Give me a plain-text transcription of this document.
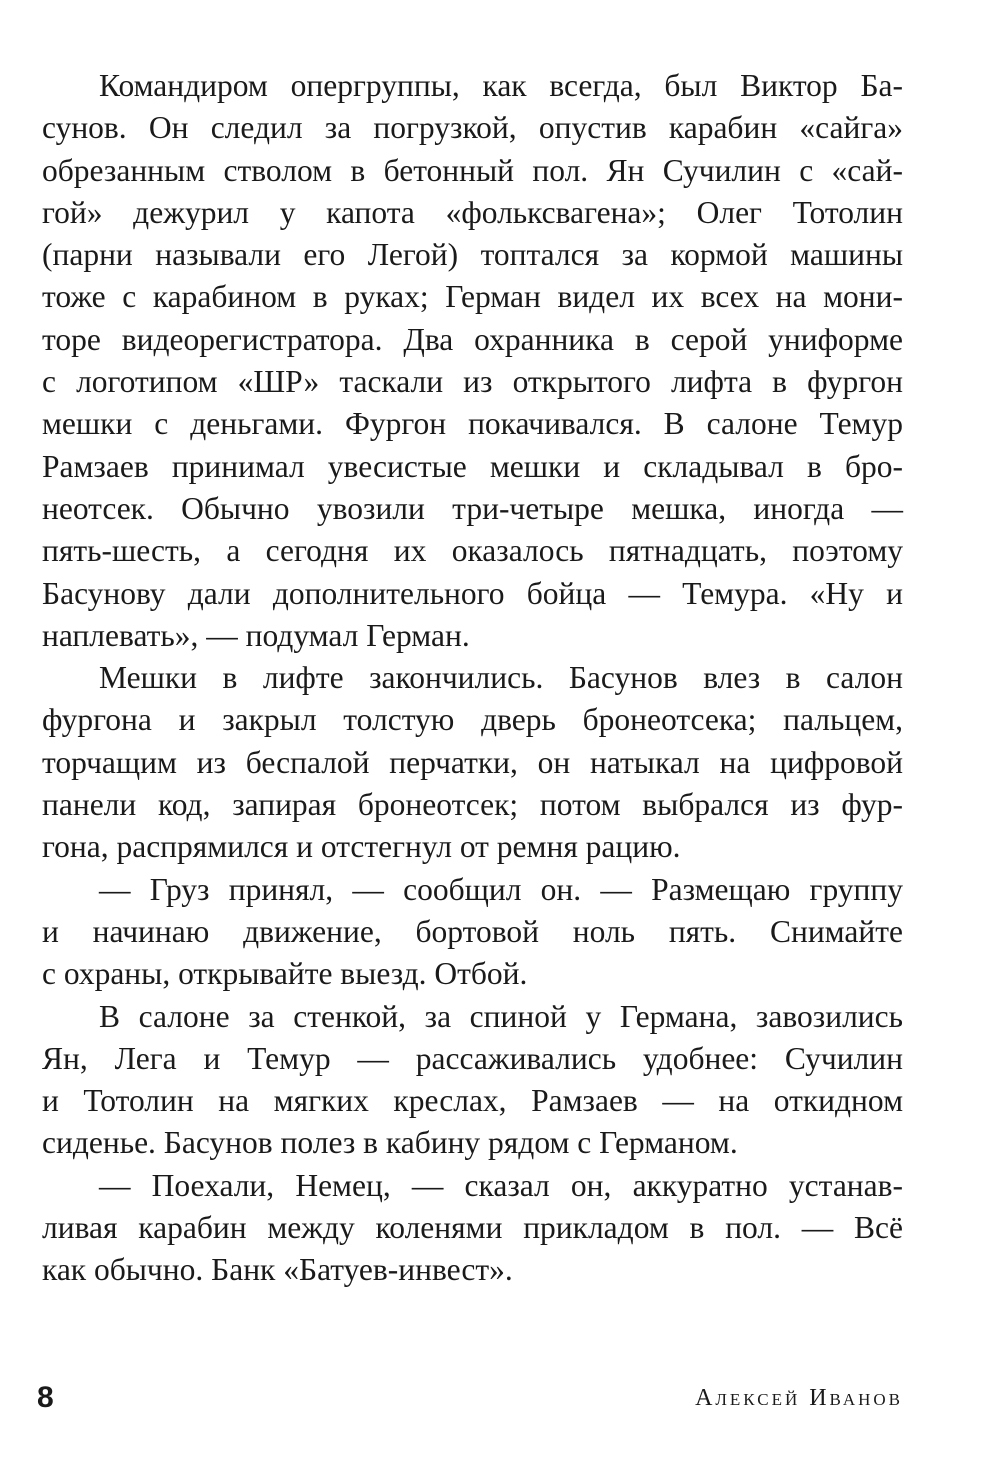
Командиром опергруппы, как всегда, был Виктор Ба-
сунов. Он следил за погрузкой, опустив карабин «сайга»
обрезанным стволом в бетонный пол. Ян Сучилин с «сай-
гой» дежурил у капота «фольксвагена»; Олег Тотолин
(парни называли его Легой) топтался за кормой машины
тоже с карабином в руках; Герман видел их всех на мони-
торе видеорегистратора. Два охранника в серой униформе
с логотипом «ШР» таскали из открытого лифта в фургон
мешки с деньгами. Фургон покачивался. В салоне Темур
Рамзаев принимал увесистые мешки и складывал в бро-
неотсек. Обычно увозили три-четыре мешка, иногда —
пять-шесть, а сегодня их оказалось пятнадцать, поэтому
Басунову дали дополнительного бойца — Темура. «Ну и
наплевать», — подумал Герман.
Мешки в лифте закончились. Басунов влез в салон
фургона и закрыл толстую дверь бронеотсека; пальцем,
торчащим из беспалой перчатки, он натыкал на цифровой
панели код, запирая бронеотсек; потом выбрался из фур-
гона, распрямился и отстегнул от ремня рацию.
— Груз принял, — сообщил он. — Размещаю группу
и начинаю движение, бортовой ноль пять. Снимайте
с охраны, открывайте выезд. Отбой.
В салоне за стенкой, за спиной у Германа, завозились
Ян, Лега и Темур — рассаживались удобнее: Сучилин
и Тотолин на мягких креслах, Рамзаев — на откидном
сиденье. Басунов полез в кабину рядом с Германом.
— Поехали, Немец, — сказал он, аккуратно устанав-
ливая карабин между коленями прикладом в пол. — Всё
как обычно. Банк «Батуев-инвест».
8	Алексей Иванов
